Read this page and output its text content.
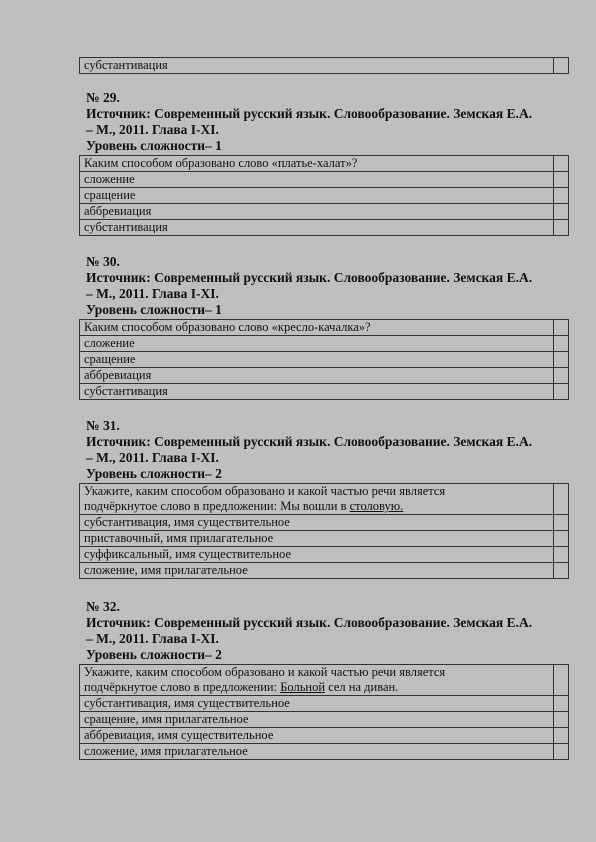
субстантивация	
№ 29.
Источник: Современный русский язык. Словообразование. Земская Е.А.
– М., 2011. Глава I-XI.
Уровень сложности– 1
Каким способом образовано слово «платье-халат»?	
сложение	
сращение	
аббревиация	
субстантивация	
№ 30.
Источник: Современный русский язык. Словообразование. Земская Е.А.
– М., 2011. Глава I-XI.
Уровень сложности– 1
Каким способом образовано слово «кресло-качалка»?	
сложение	
сращение	
аббревиация	
субстантивация	
№ 31.
Источник: Современный русский язык. Словообразование. Земская Е.А.
– М., 2011. Глава I-XI.
Уровень сложности– 2
Укажите, каким способом образовано и какой частью речи является
подчёркнутое слово в предложении: Мы вошли в столовую.	

субстантивация, имя существительное	
приставочный, имя прилагательное	
суффиксальный, имя существительное	
сложение, имя прилагательное	
№ 32.
Источник: Современный русский язык. Словообразование. Земская Е.А.
– М., 2011. Глава I-XI.
Уровень сложности– 2
Укажите, каким способом образовано и какой частью речи является
подчёркнутое слово в предложении: Больной сел на диван.	

субстантивация, имя существительное	
сращение, имя прилагательное	
аббревиация, имя существительное	
сложение, имя прилагательное	
